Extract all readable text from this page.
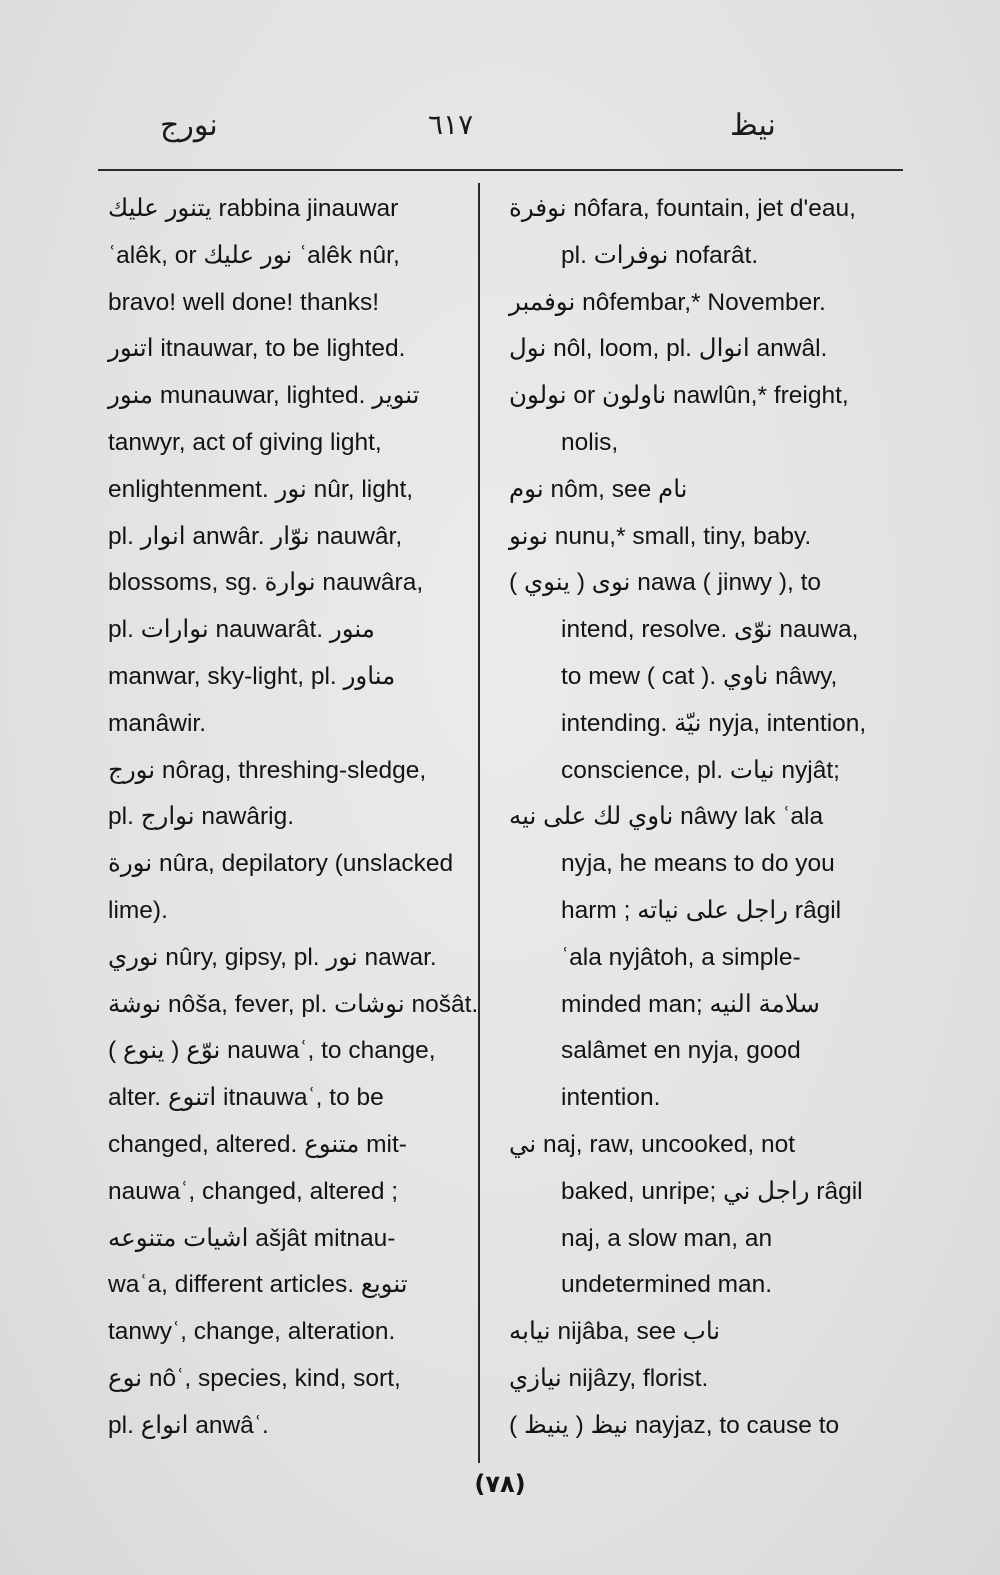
نورج	٦١٧	نيظ
يتنور عليك rabbina jinauwar
ʿalêk, or نور عليك ʿalêk nûr,
bravo! well done! thanks!
اتنور itnauwar, to be lighted.
منور munauwar, lighted. تنوير
tanwyr, act of giving light,
enlightenment. نور nûr, light,
pl. انوار anwâr. نوّار nauwâr,
blossoms, sg. نوارة nauwâra,
pl. نوارات nauwarât. منور
manwar, sky-light, pl. مناور
manâwir.
نورج nôrag, threshing-sledge,
pl. نوارج nawârig.
نورة nûra, depilatory (unslacked
lime).
نوري nûry, gipsy, pl. نور nawar.
نوشة nôša, fever, pl. نوشات nošât.
نوّع ( ينوع ) nauwaʿ, to change,
alter. اتنوع itnauwaʿ, to be
changed, altered. متنوع mit-
nauwaʿ, changed, altered ;
اشيات متنوعه ašjât mitnau-
waʿa, different articles. تنويع
tanwyʿ, change, alteration.
نوع nôʿ, species, kind, sort,
pl. انواع anwâʿ.
نوفرة nôfara, fountain, jet d'eau,
pl. نوفرات nofarât.
نوفمبر nôfembar,* November.
نول nôl, loom, pl. انوال anwâl.
نولون or ناولون nawlûn,* freight,
nolis,
نوم nôm, see نام
نونو nunu,* small, tiny, baby.
نوى ( ينوي ) nawa ( jinwy ), to
intend, resolve. نوّى nauwa,
to mew ( cat ). ناوي nâwy,
intending. نيّة nyja, intention,
conscience, pl. نيات nyjât;
ناوي لك على نيه nâwy lak ʿala
nyja, he means to do you
harm ; راجل على نياته râgil
ʿala nyjâtoh, a simple-
minded man; سلامة النيه
salâmet en nyja, good
intention.
ني naj, raw, uncooked, not
baked, unripe; راجل ني râgil
naj, a slow man, an
undetermined man.
نيابه nijâba, see ناب
نيازي nijâzy, florist.
نيظ ( ينيظ ) nayjaz, to cause to
(٧٨)
